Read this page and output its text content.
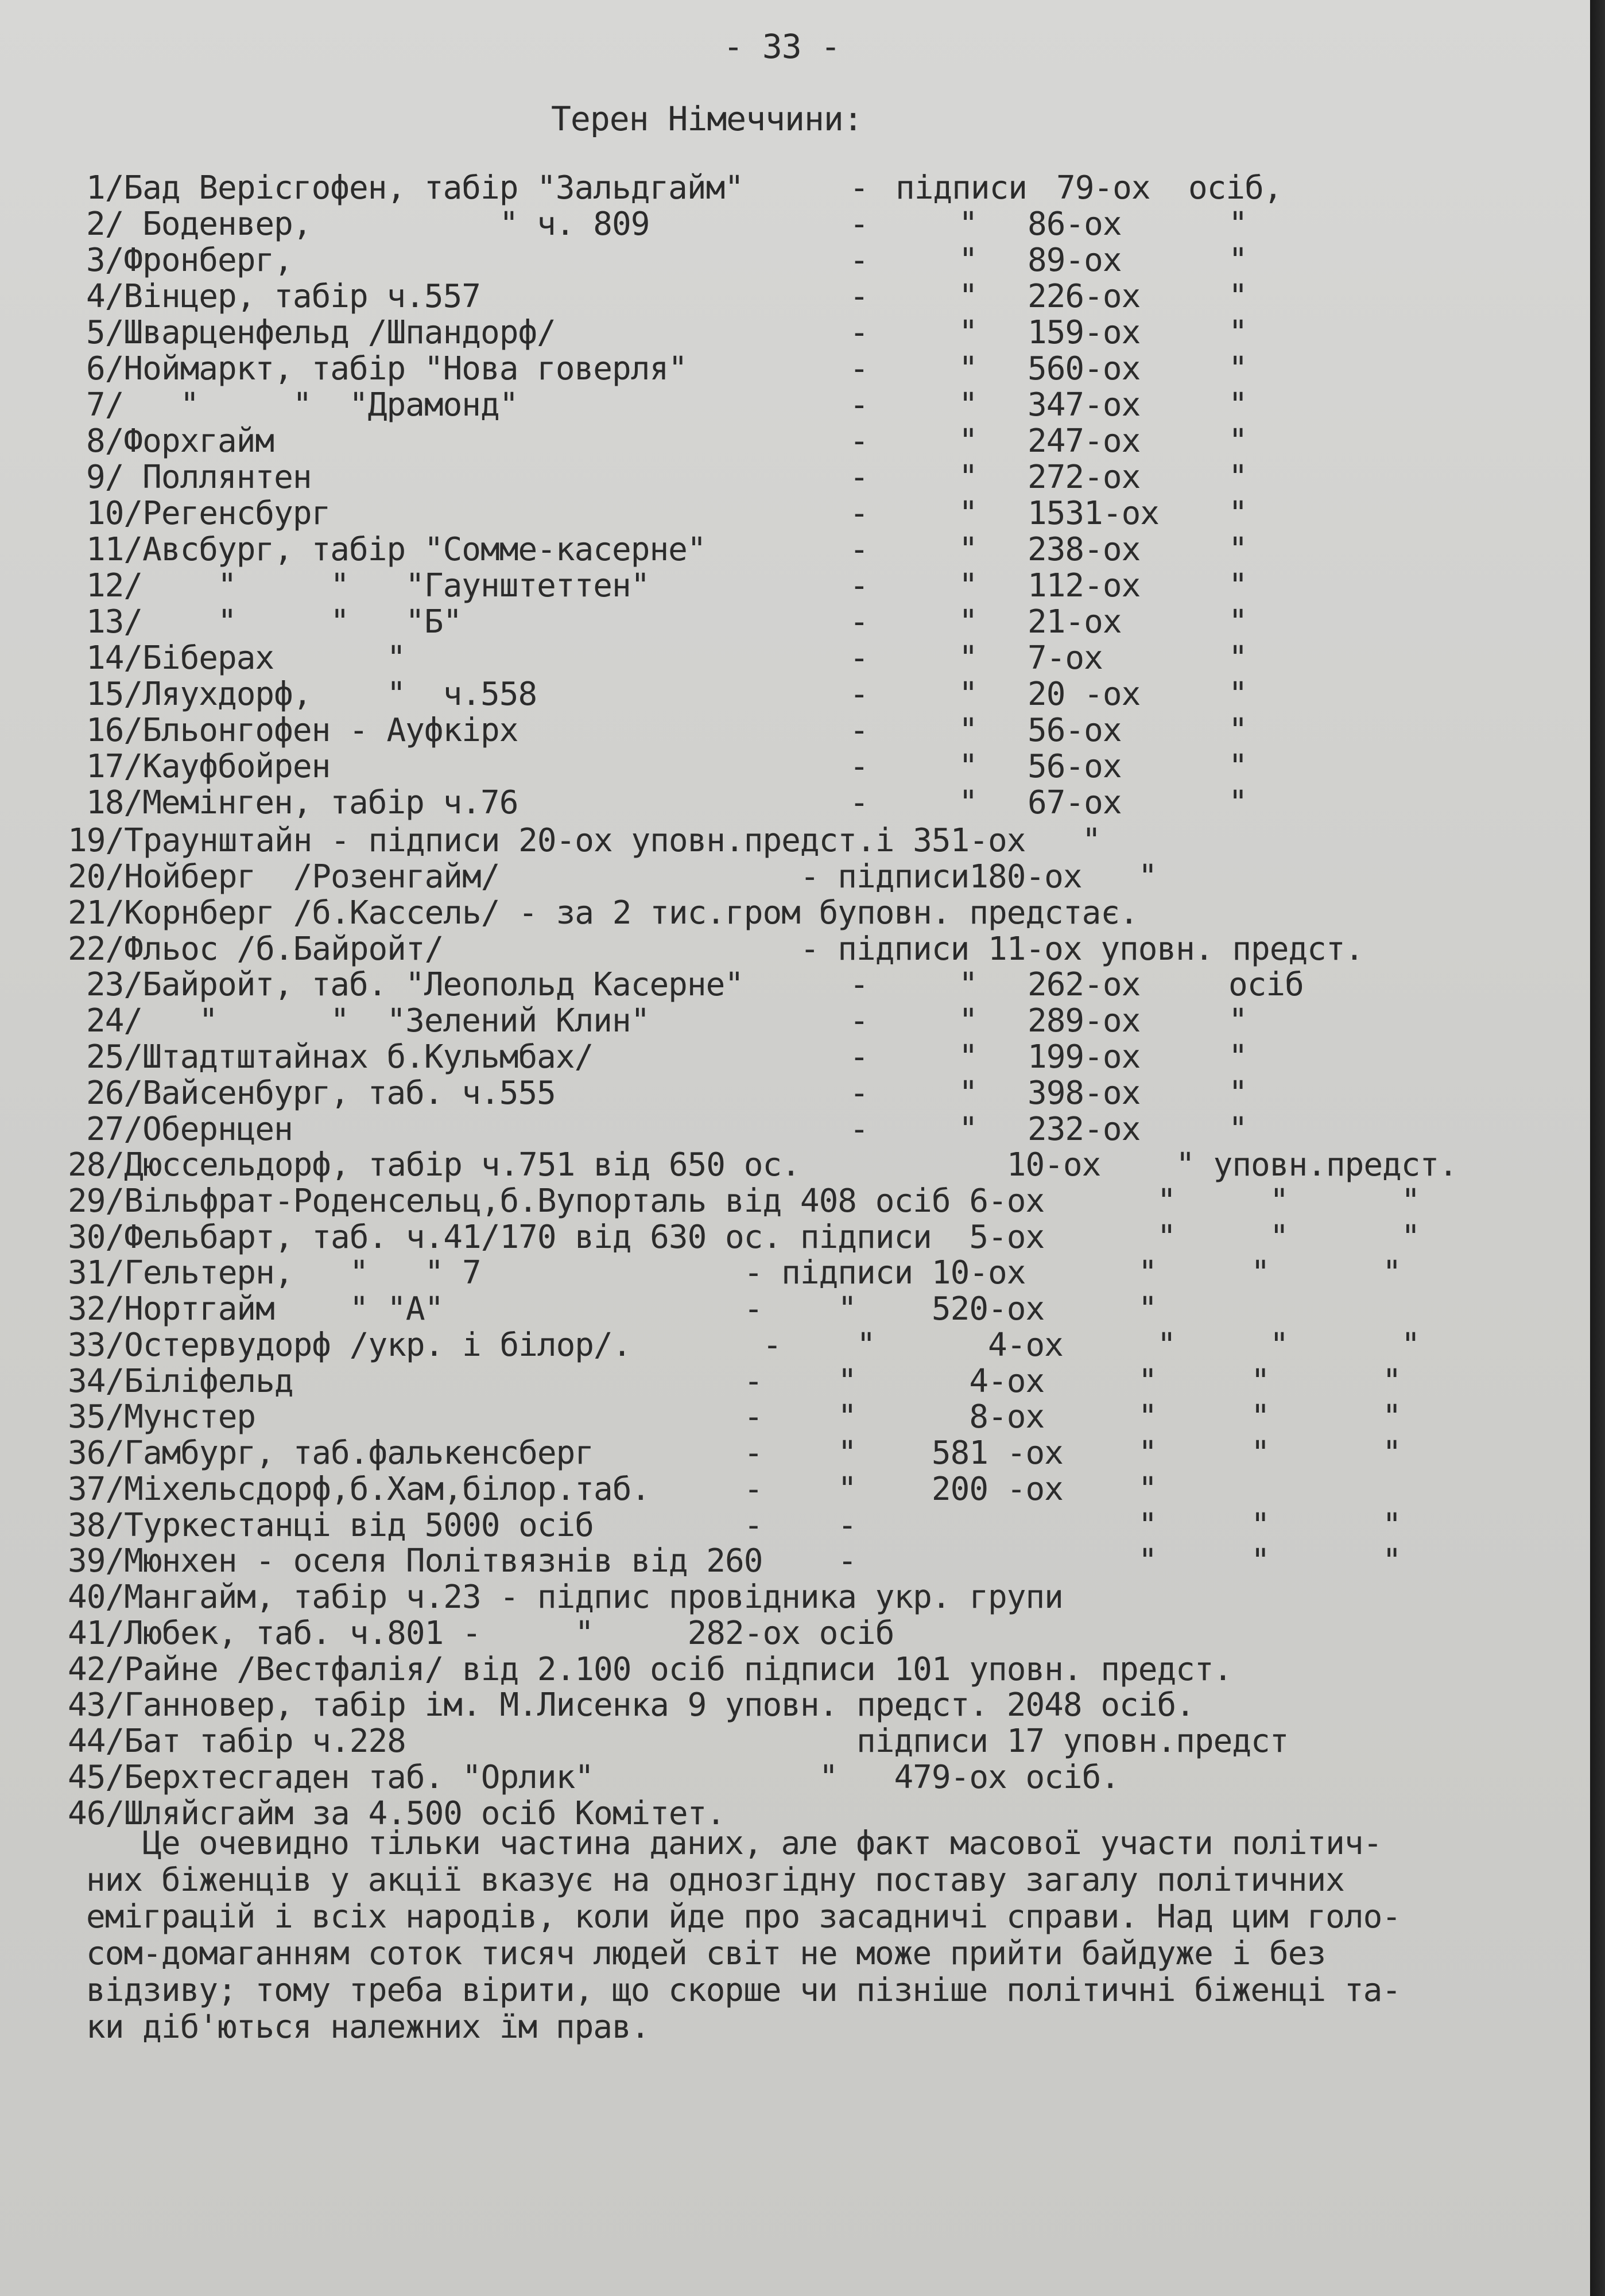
- 33 -
Терен Німеччини:
1/Бад Верісгофен, табір "Зальдгайм"	- підписи 79-ох осіб,
2/ Боденвер,          " ч. 809	-	" 86-ох	"
3/Фронберг,	-	" 89-ох	"
4/Вінцер, табір ч.557	-	" 226-ох	"
5/Шварценфельд /Шпандорф/	-	" 159-ох	"
6/Ноймаркт, табір "Нова говерля"	-	" 560-ох	"
7/   "     "  "Драмонд"	-	" 347-ох	"
8/Форхгайм	-	" 247-ох	"
9/ Поллянтен	-	" 272-ох	"
10/Регенсбург	-	" 1531-ох "
11/Авсбург, табір "Сомме-касерне"	-	" 238-ох	"
12/    "     "   "Гаунштеттен"	-	" 112-ох	"
13/    "     "   "Б"	-	" 21-ох	"
14/Біберах      "	-	" 7-ох	"
15/Ляухдорф,    "  ч.558	-	" 20 -ох	"
16/Бльонгофен - Ауфкірх	-	" 56-ох	"
17/Кауфбойрен	-	" 56-ох	"
18/Мемінген, табір ч.76	-	" 67-ох	"
19/Траунштайн - підписи 20-ох уповн.предст.і 351-ох   "
20/Нойберг  /Розенгайм/                - підписи180-ох   "
21/Корнберг /б.Кассель/ - за 2 тис.гром буповн. предстає.
22/Фльос /б.Байройт/                   - підписи 11-ох уповн. предст.
23/Байройт, таб. "Леопольд Касерне"	-	" 262-ох	осіб
24/   "      "  "Зелений Клин"	-	" 289-ох	"
25/Штадтштайнах б.Кульмбах/	-	" 199-ох	"
26/Вайсенбург, таб. ч.555	-	" 398-ох	"
27/Обернцен	-	" 232-ох	"
28/Дюссельдорф, табір ч.751 від 650 ос.           10-ох    " уповн.предст.
29/Вільфрат-Роденсельц,б.Вупорталь від 408 осіб 6-ох      "     "      "
30/Фельбарт, таб. ч.41/170 від 630 ос. підписи  5-ох      "     "      "
31/Гельтерн,   "   " 7              - підписи 10-ох      "     "      "
32/Нортгайм    " "А"                -    "    520-ох     "
33/Остервудорф /укр. і білор/.       -    "      4-ох     "     "      "
34/Біліфельд                        -    "      4-ох     "     "      "
35/Мунстер                          -    "      8-ох     "     "      "
36/Гамбург, таб.фалькенсберг        -    "    581 -ох    "     "      "
37/Міхельсдорф,б.Хам,білор.таб.     -    "    200 -ох    "
38/Туркестанці від 5000 осіб        -    -               "     "      "
39/Мюнхен - оселя Політвязнів від 260    -               "     "      "
40/Мангайм, табір ч.23 - підпис провідника укр. групи
41/Любек, таб. ч.801 -     "     282-ох осіб
42/Райне /Вестфалія/ від 2.100 осіб підписи 101 уповн. предст.
43/Ганновер, табір ім. М.Лисенка 9 уповн. предст. 2048 осіб.
44/Бат табір ч.228                        підписи 17 уповн.предст
45/Берхтесгаден таб. "Орлик"            "   479-ох осіб.
46/Шляйсгайм за 4.500 осіб Комітет.
Це очевидно тільки частина даних, але факт масової участи політич-
них біженців у акції вказує на однозгідну поставу загалу політичних
еміграцій і всіх народів, коли йде про засадничі справи. Над цим голо-
сом-домаганням соток тисяч людей світ не може прийти байдуже і без
відзиву; тому треба вірити, що скорше чи пізніше політичні біженці та-
ки діб'ються належних їм прав.
